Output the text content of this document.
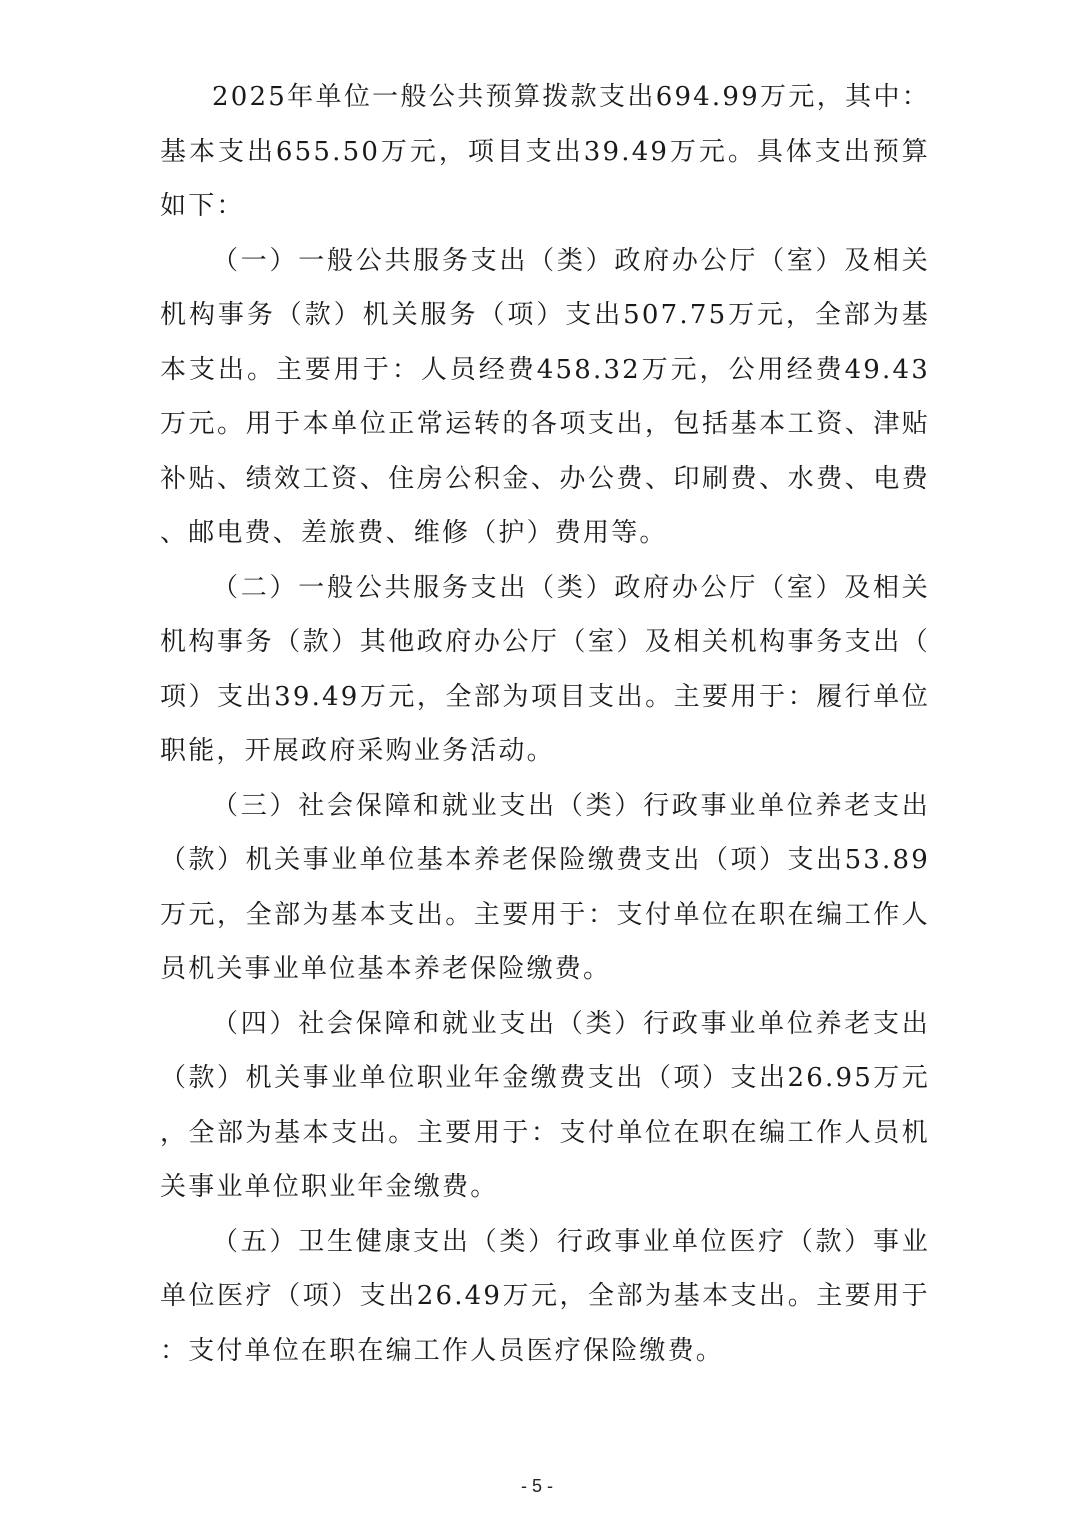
2025年单位一般公共预算拨款支出694.99万元，其中：基本支出655.50万元，项目支出39.49万元。具体支出预算如下：

（一）一般公共服务支出（类）政府办公厅（室）及相关机构事务（款）机关服务（项）支出507.75万元，全部为基本支出。主要用于：人员经费458.32万元，公用经费49.43万元。用于本单位正常运转的各项支出，包括基本工资、津贴补贴、绩效工资、住房公积金、办公费、印刷费、水费、电费、邮电费、差旅费、维修（护）费用等。

（二）一般公共服务支出（类）政府办公厅（室）及相关机构事务（款）其他政府办公厅（室）及相关机构事务支出（项）支出39.49万元，全部为项目支出。主要用于：履行单位职能，开展政府采购业务活动。

（三）社会保障和就业支出（类）行政事业单位养老支出（款）机关事业单位基本养老保险缴费支出（项）支出53.89万元，全部为基本支出。主要用于：支付单位在职在编工作人员机关事业单位基本养老保险缴费。

（四）社会保障和就业支出（类）行政事业单位养老支出（款）机关事业单位职业年金缴费支出（项）支出26.95万元，全部为基本支出。主要用于：支付单位在职在编工作人员机关事业单位职业年金缴费。

（五）卫生健康支出（类）行政事业单位医疗（款）事业单位医疗（项）支出26.49万元，全部为基本支出。主要用于：支付单位在职在编工作人员医疗保险缴费。

- 5 -
